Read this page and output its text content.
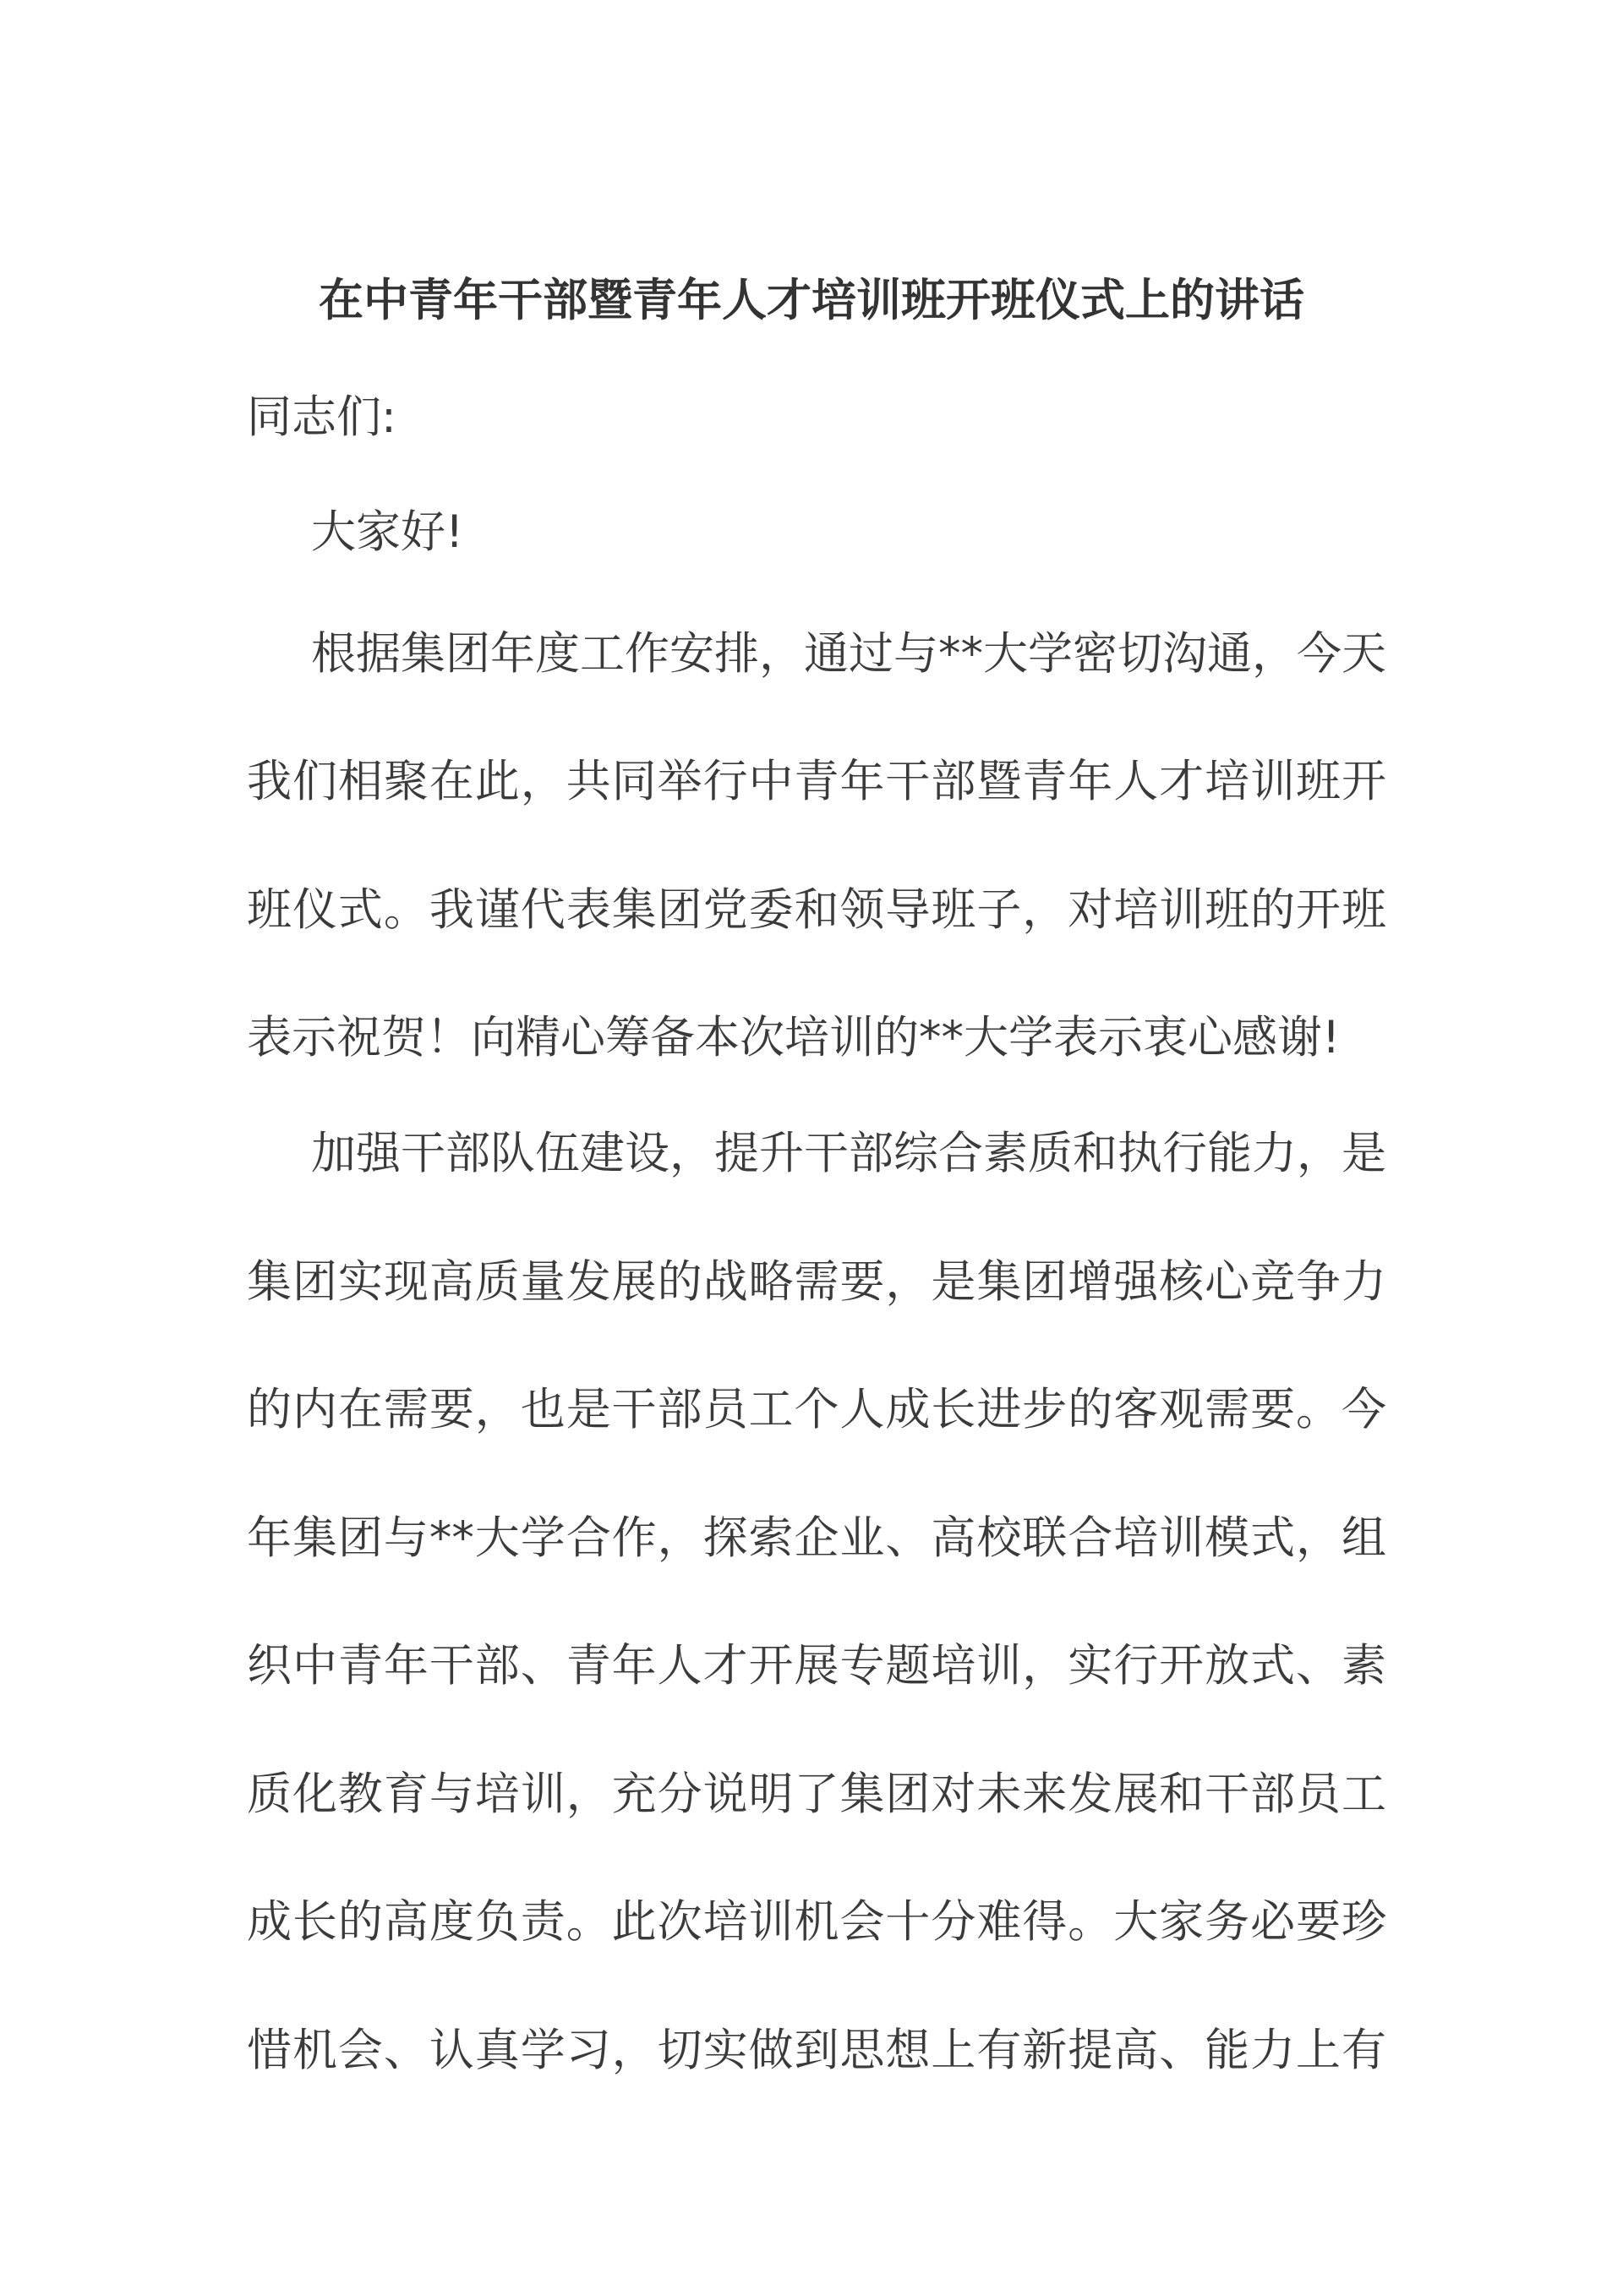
在中青年干部暨青年人才培训班开班仪式上的讲话
同志们:
大家好!
根据集团年度工作安排，通过与**大学密切沟通，今天
我们相聚在此，共同举行中青年干部暨青年人才培训班开
班仪式。我谨代表集团党委和领导班子，对培训班的开班
表示祝贺！向精心筹备本次培训的**大学表示衷心感谢!
加强干部队伍建设，提升干部综合素质和执行能力，是
集团实现高质量发展的战略需要，是集团增强核心竞争力
的内在需要，也是干部员工个人成长进步的客观需要。今
年集团与**大学合作，探索企业、高校联合培训模式，组
织中青年干部、青年人才开展专题培训，实行开放式、素
质化教育与培训，充分说明了集团对未来发展和干部员工
成长的高度负责。此次培训机会十分难得。大家务必要珍
惜机会、认真学习，切实做到思想上有新提高、能力上有
